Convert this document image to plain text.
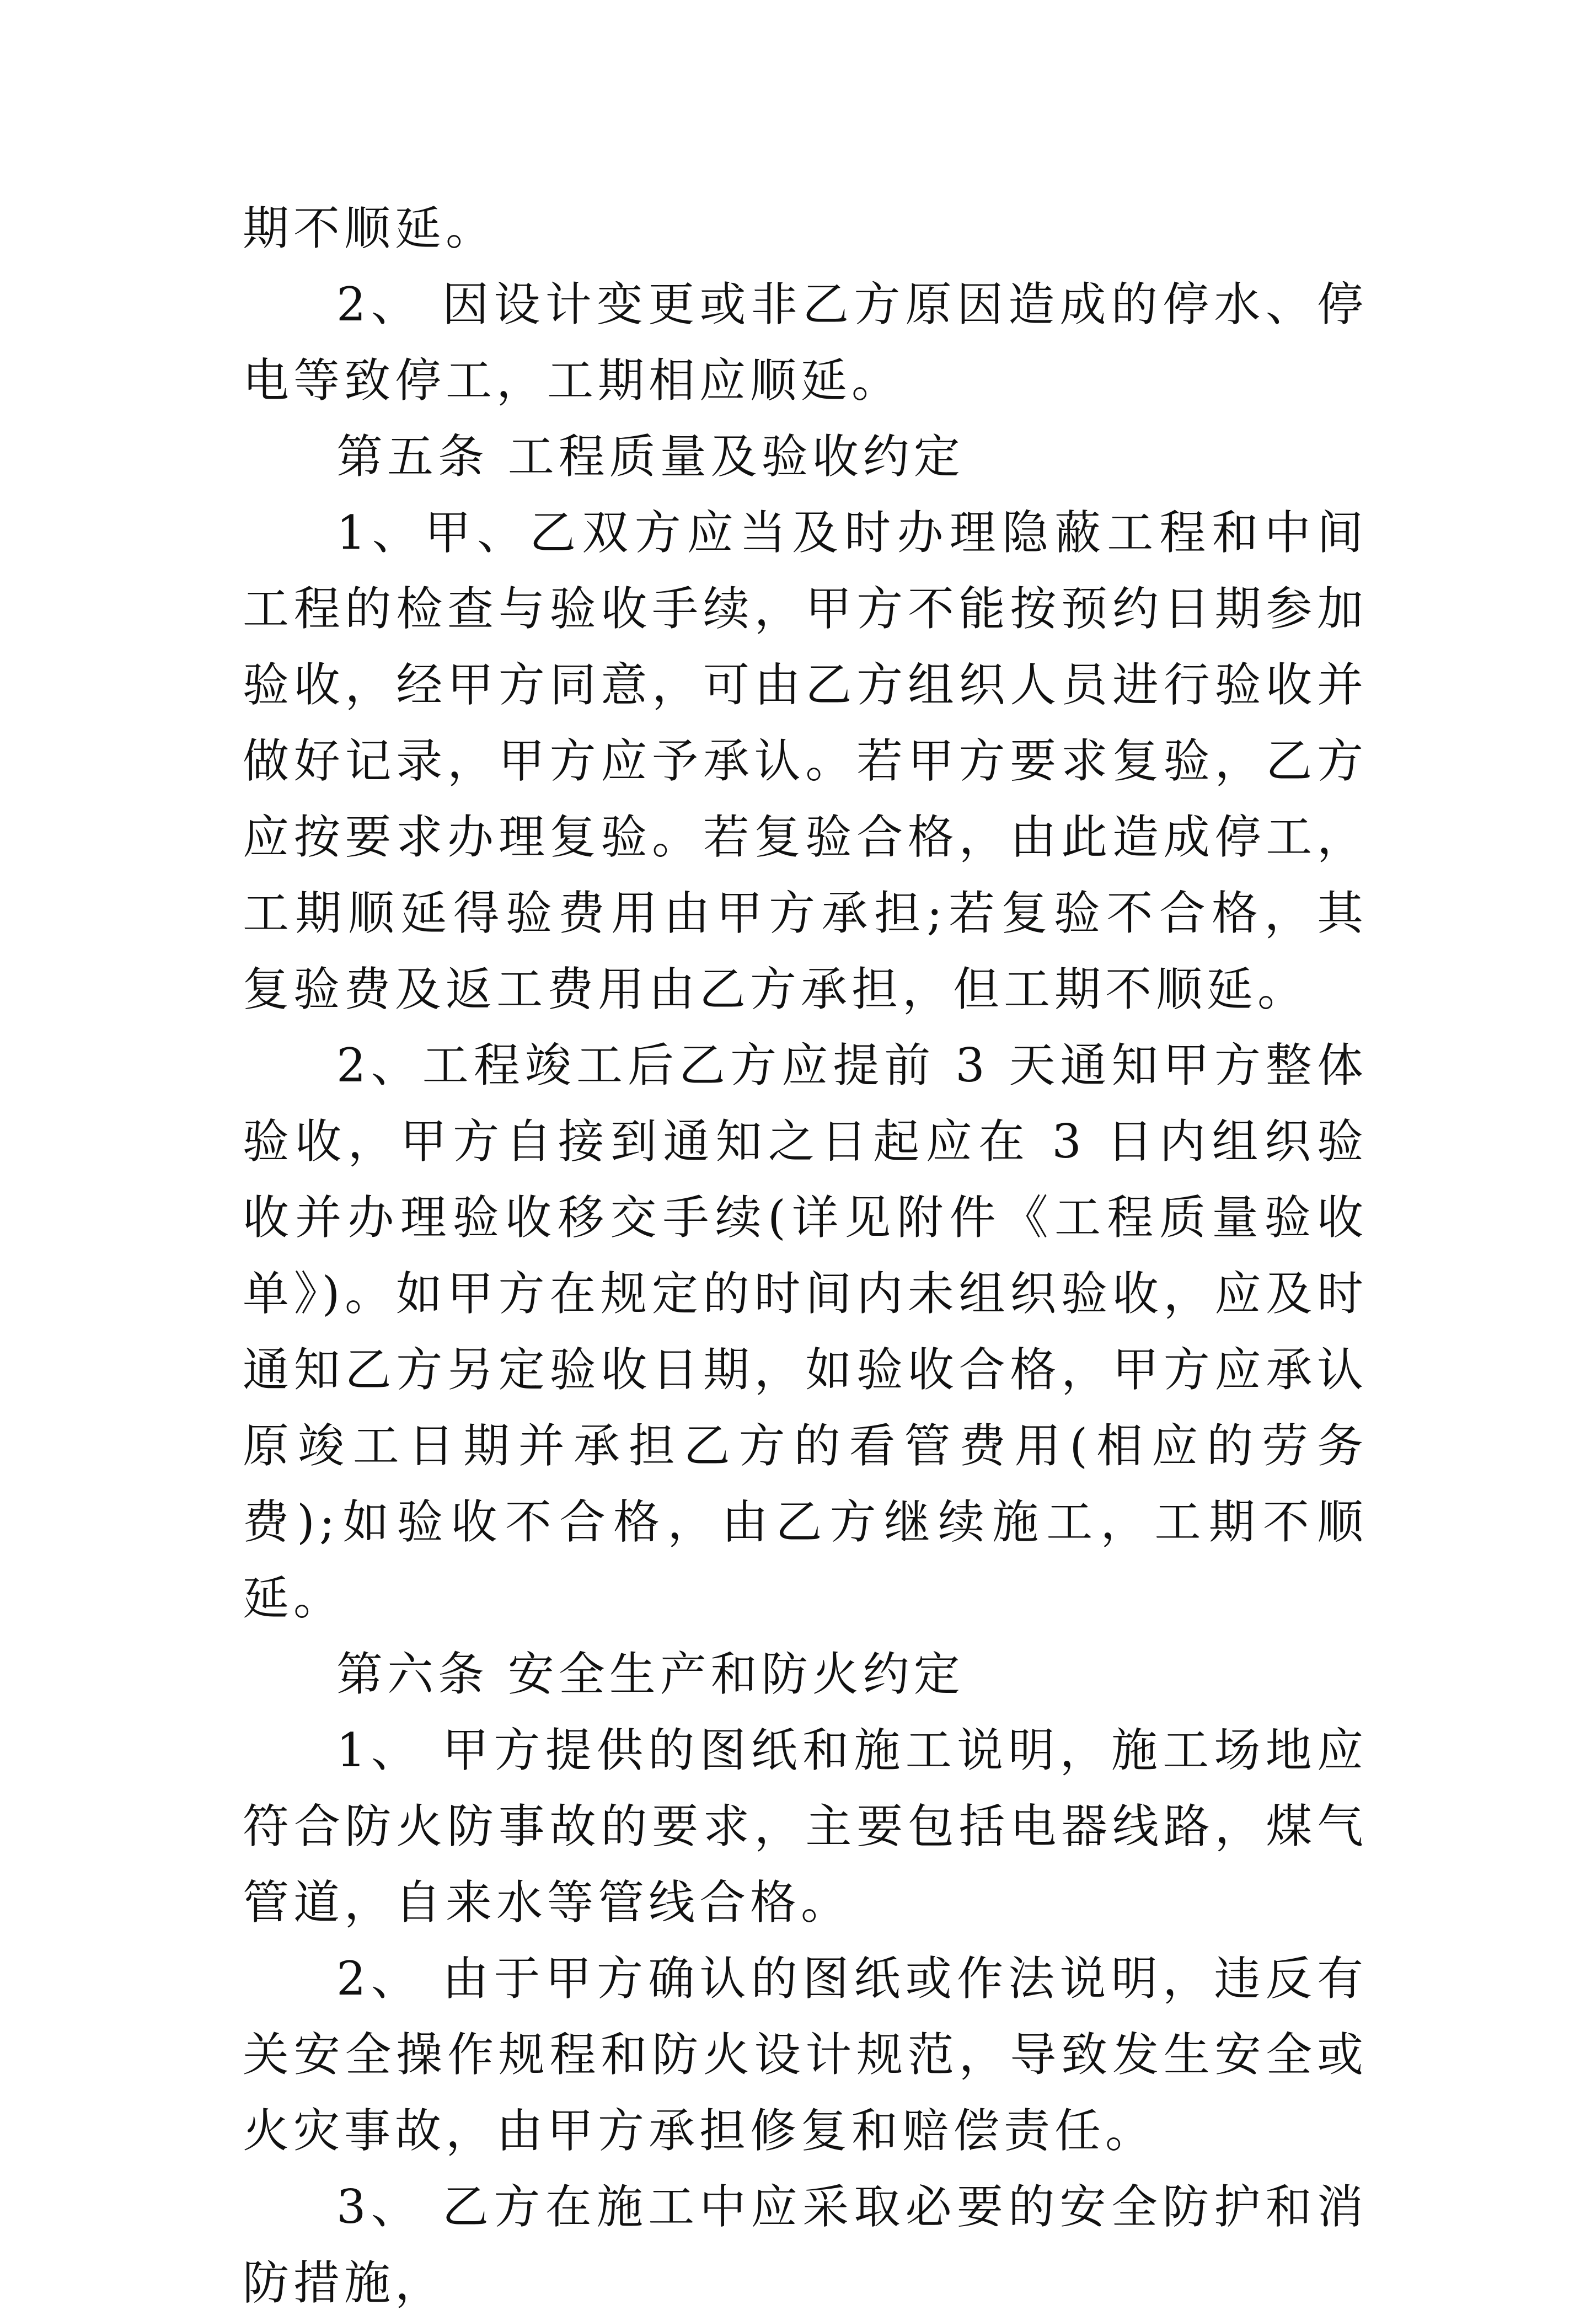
期不顺延。

2、 因设计变更或非乙方原因造成的停水、停电等致停工，工期相应顺延。

第五条 工程质量及验收约定

1、甲、乙双方应当及时办理隐蔽工程和中间工程的检查与验收手续，甲方不能按预约日期参加验收，经甲方同意，可由乙方组织人员进行验收并做好记录，甲方应予承认。若甲方要求复验，乙方应按要求办理复验。若复验合格，由此造成停工，工期顺延得验费用由甲方承担;若复验不合格，其复验费及返工费用由乙方承担，但工期不顺延。

2、工程竣工后乙方应提前 3 天通知甲方整体验收，甲方自接到通知之日起应在 3 日内组织验收并办理验收移交手续(详见附件《工程质量验收单》)。如甲方在规定的时间内未组织验收，应及时通知乙方另定验收日期，如验收合格，甲方应承认原竣工日期并承担乙方的看管费用(相应的劳务费);如验收不合格，由乙方继续施工，工期不顺延。

第六条 安全生产和防火约定

1、 甲方提供的图纸和施工说明，施工场地应符合防火防事故的要求，主要包括电器线路，煤气管道，自来水等管线合格。

2、 由于甲方确认的图纸或作法说明，违反有关安全操作规程和防火设计规范，导致发生安全或火灾事故，由甲方承担修复和赔偿责任。

3、 乙方在施工中应采取必要的安全防护和消防措施，
